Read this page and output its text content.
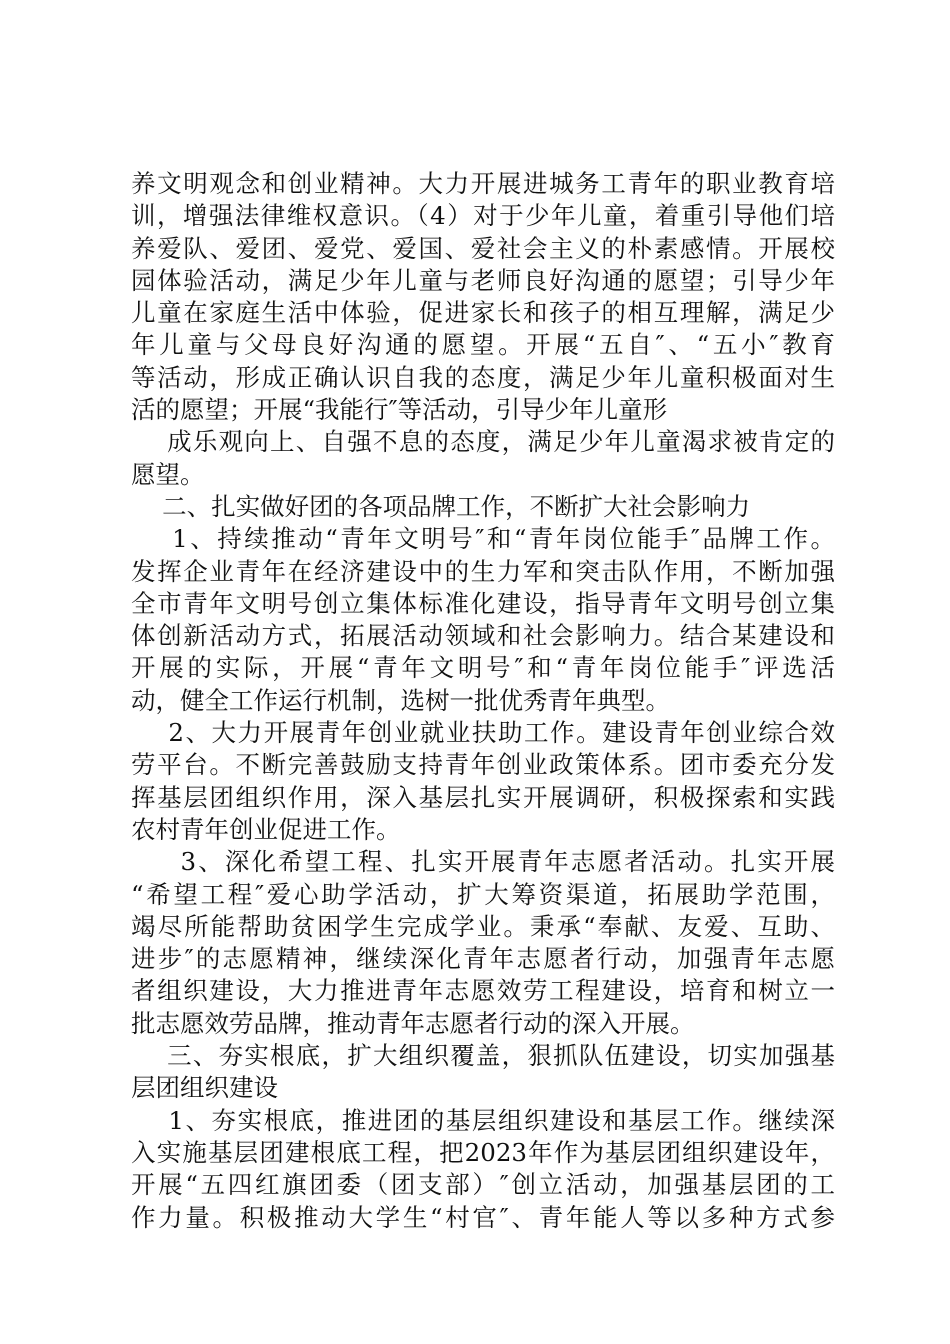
养文明观念和创业精神。大力开展进城务工青年的职业教育培
训，增强法律维权意识。（4）对于少年儿童，着重引导他们培
养爱队、爱团、爱党、爱国、爱社会主义的朴素感情。开展校
园体验活动，满足少年儿童与老师良好沟通的愿望；引导少年
儿童在家庭生活中体验，促进家长和孩子的相互理解，满足少
年儿童与父母良好沟通的愿望。开展“五自″、“五小″教育
等活动，形成正确认识自我的态度，满足少年儿童积极面对生
活的愿望；开展“我能行″等活动，引导少年儿童形
成乐观向上、自强不息的态度，满足少年儿童渴求被肯定的
愿望。
二、扎实做好团的各项品牌工作，不断扩大社会影响力
1、持续推动“青年文明号″和“青年岗位能手″品牌工作。
发挥企业青年在经济建设中的生力军和突击队作用，不断加强
全市青年文明号创立集体标准化建设，指导青年文明号创立集
体创新活动方式，拓展活动领域和社会影响力。结合某建设和
开展的实际，开展“青年文明号″和“青年岗位能手″评选活
动，健全工作运行机制，选树一批优秀青年典型。
2、大力开展青年创业就业扶助工作。建设青年创业综合效
劳平台。不断完善鼓励支持青年创业政策体系。团市委充分发
挥基层团组织作用，深入基层扎实开展调研，积极探索和实践
农村青年创业促进工作。
3、深化希望工程、扎实开展青年志愿者活动。扎实开展
“希望工程″爱心助学活动，扩大筹资渠道，拓展助学范围，
竭尽所能帮助贫困学生完成学业。秉承“奉献、友爱、互助、
进步″的志愿精神，继续深化青年志愿者行动，加强青年志愿
者组织建设，大力推进青年志愿效劳工程建设，培育和树立一
批志愿效劳品牌，推动青年志愿者行动的深入开展。
三、夯实根底，扩大组织覆盖，狠抓队伍建设，切实加强基
层团组织建设
1、夯实根底，推进团的基层组织建设和基层工作。继续深
入实施基层团建根底工程，把2023年作为基层团组织建设年，
开展“五四红旗团委（团支部）″创立活动，加强基层团的工
作力量。积极推动大学生“村官″、青年能人等以多种方式参
